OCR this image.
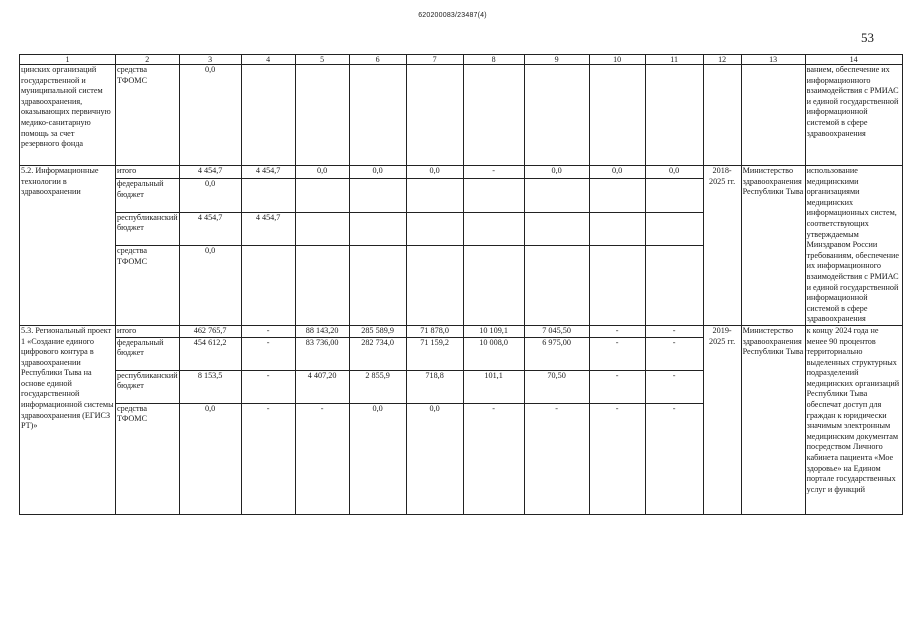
620200083/23487(4)
53
1	2	3	4	5	6	7	8	9	10	11	12	13	14
цинских организаций государственной и муниципальной систем здравоохранения, оказывающих первичную медико-санитарную помощь за счет резервного фонда	средства ТФОМС	0,0											ванием, обеспечение их информационного взаимодействия с РМИАС и единой государственной информационной системой в сфере здравоохранения
5.2. Информационные технологии в здравоохранении	итого	4 454,7	4 454,7	0,0	0,0	0,0	-	0,0	0,0	0,0	2018-2025 гг.	Министерство здравоохранения Республики Тыва	использование медицинскими организациями медицинских информационных систем, соответствующих утверждаемым Минздравом России требованиям, обеспечение их информационного взаимодействия с РМИАС и единой государственной информационной системой в сфере здравоохранения
	федеральный бюджет	0,0											
	республиканский бюджет	4 454,7	4 454,7										
	средства ТФОМС	0,0											
5.3. Региональный проект 1 «Создание единого цифрового контура в здравоохранении Республики Тыва на основе единой государственной информационной системы здравоохранения (ЕГИСЗ РТ)»	итого	462 765,7	-	88 143,20	285 589,9	71 878,0	10 109,1	7 045,50	-	-	2019-2025 гг.	Министерство здравоохранения Республики Тыва	к концу 2024 года не менее 90 процентов территориально выделенных структурных подразделений медицинских организаций Республики Тыва обеспечат доступ для граждан к юридически значимым электронным медицинским документам посредством Личного кабинета пациента «Мое здоровье» на Едином портале государственных услуг и функций
	федеральный бюджет	454 612,2	-	83 736,00	282 734,0	71 159,2	10 008,0	6 975,00	-	-			
	республиканский бюджет	8 153,5	-	4 407,20	2 855,9	718,8	101,1	70,50	-	-			
	средства ТФОМС	0,0	-	-	0,0	0,0	-	-	-	-			
